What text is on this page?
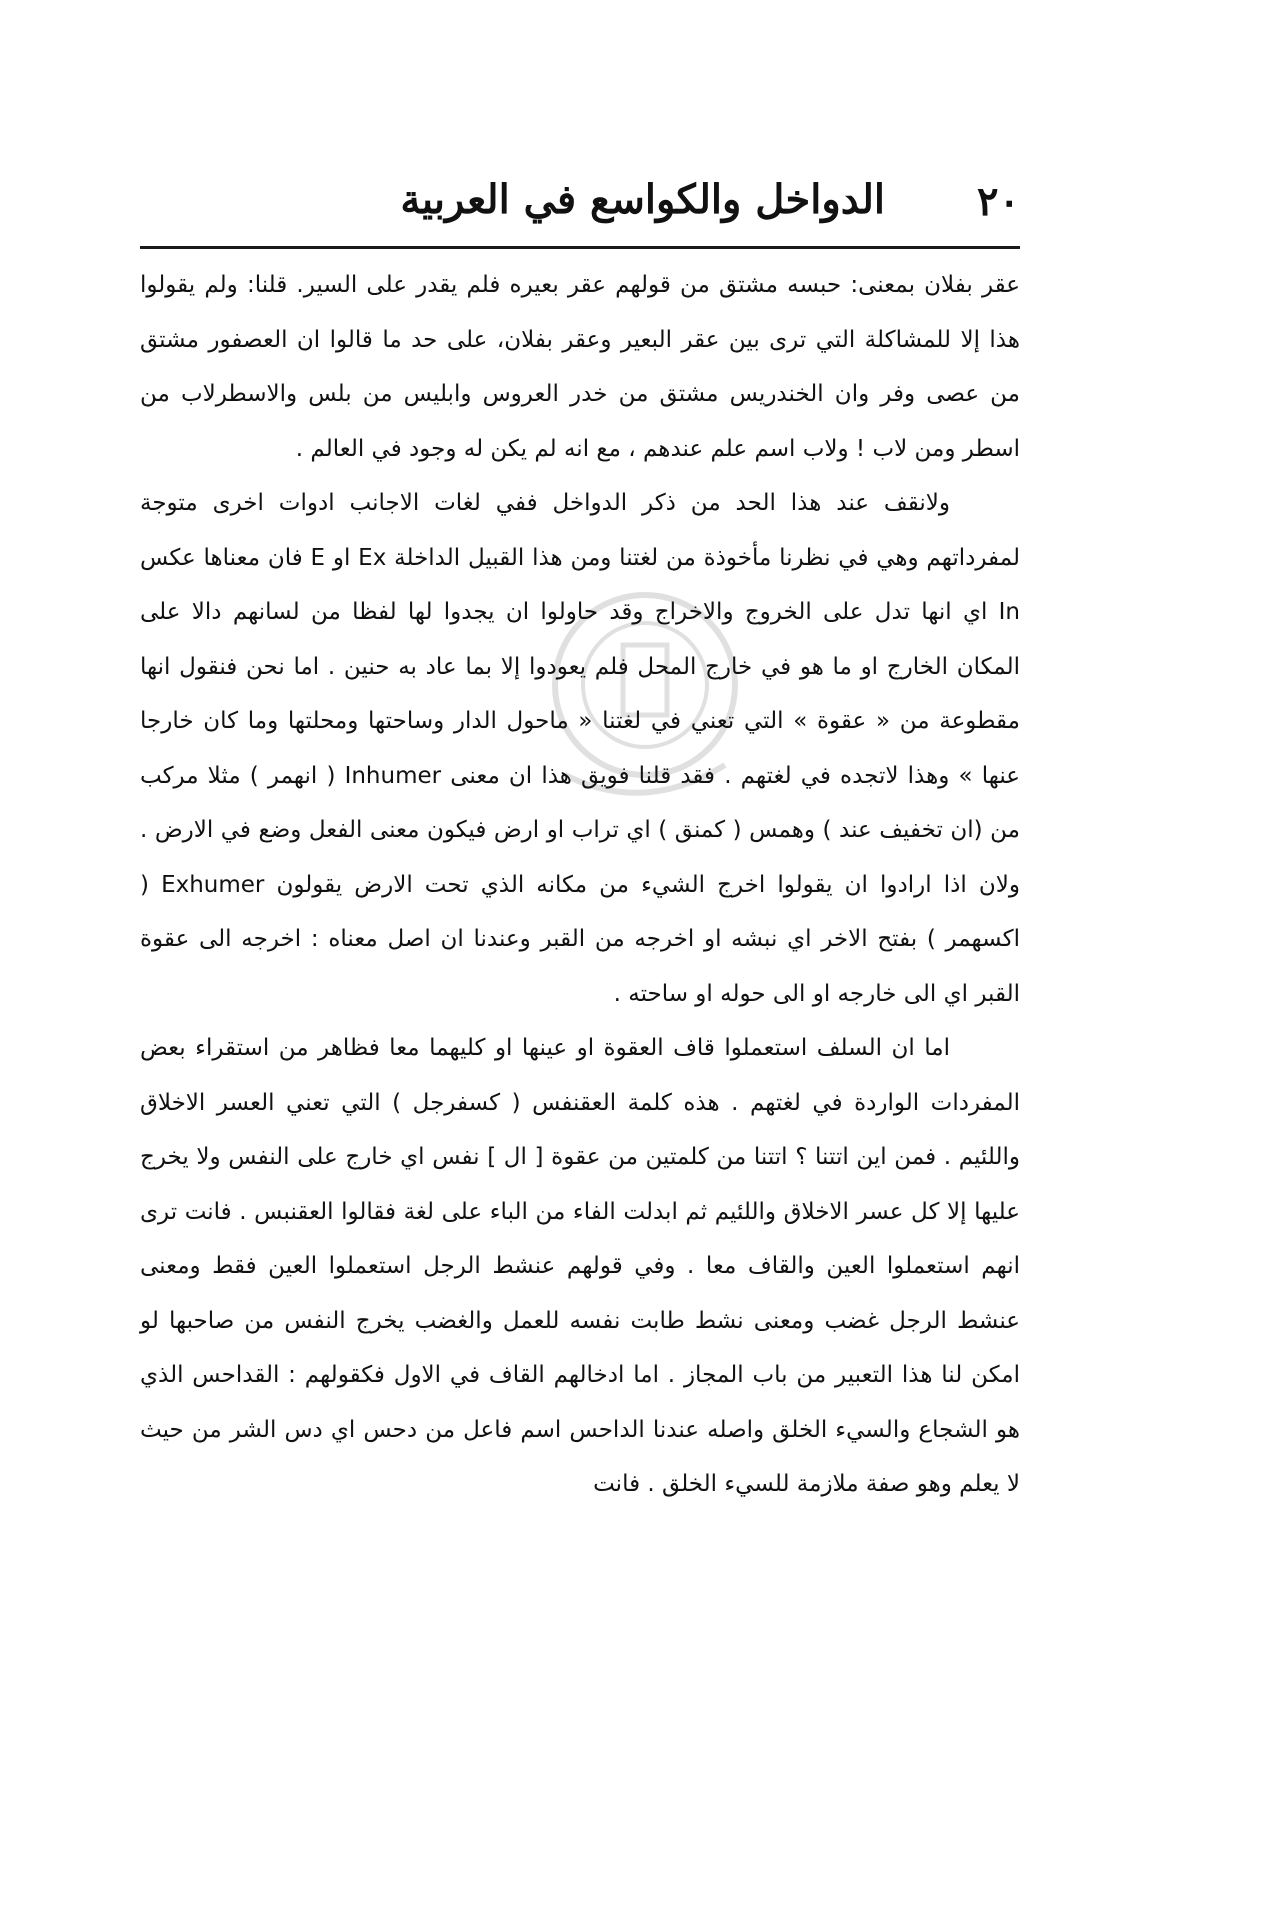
٢٠
الدواخل والكواسع في العربية

عقر بفلان بمعنى: حبسه مشتق من قولهم عقر بعيره فلم يقدر على السير. قلنا: ولم يقولوا هذا إلا للمشاكلة التي ترى بين عقر البعير وعقر بفلان، على حد ما قالوا ان العصفور مشتق من عصى وفر وان الخندريس مشتق من خدر العروس وابليس من بلس والاسطرلاب من اسطر ومن لاب ! ولاب اسم علم عندهم ، مع انه لم يكن له وجود في العالم .

ولانقف عند هذا الحد من ذكر الدواخل ففي لغات الاجانب ادوات اخرى متوجة لمفرداتهم وهي في نظرنا مأخوذة من لغتنا ومن هذا القبيل الداخلة Ex او E فان معناها عكس In اي انها تدل على الخروج والاخراج وقد حاولوا ان يجدوا لها لفظا من لسانهم دالا على المكان الخارج او ما هو في خارج المحل فلم يعودوا إلا بما عاد به حنين . اما نحن فنقول انها مقطوعة من « عقوة » التي تعني في لغتنا « ماحول الدار وساحتها ومحلتها وما كان خارجا عنها » وهذا لاتجده في لغتهم . فقد قلنا فويق هذا ان معنى Inhumer ( انهمر ) مثلا مركب من (ان تخفيف عند ) وهمس ( كمنق ) اي تراب او ارض فيكون معنى الفعل وضع في الارض . ولان اذا ارادوا ان يقولوا اخرج الشيء من مكانه الذي تحت الارض يقولون Exhumer ( اكسهمر ) بفتح الاخر اي نبشه او اخرجه من القبر وعندنا ان اصل معناه : اخرجه الى عقوة القبر اي الى خارجه او الى حوله او ساحته .

اما ان السلف استعملوا قاف العقوة او عينها او كليهما معا فظاهر من استقراء بعض المفردات الواردة في لغتهم . هذه كلمة العقنفس ( كسفرجل ) التي تعني العسر الاخلاق واللئيم . فمن اين اتتنا ؟ اتتنا من كلمتين من عقوة [ ال ] نفس اي خارج على النفس ولا يخرج عليها إلا كل عسر الاخلاق واللئيم ثم ابدلت الفاء من الباء على لغة فقالوا العقنبس . فانت ترى انهم استعملوا العين والقاف معا . وفي قولهم عنشط الرجل استعملوا العين فقط ومعنى عنشط الرجل غضب ومعنى نشط طابت نفسه للعمل والغضب يخرج النفس من صاحبها لو امكن لنا هذا التعبير من باب المجاز . اما ادخالهم القاف في الاول فكقولهم : القداحس الذي هو الشجاع والسيء الخلق واصله عندنا الداحس اسم فاعل من دحس اي دس الشر من حيث لا يعلم وهو صفة ملازمة للسيء الخلق . فانت
